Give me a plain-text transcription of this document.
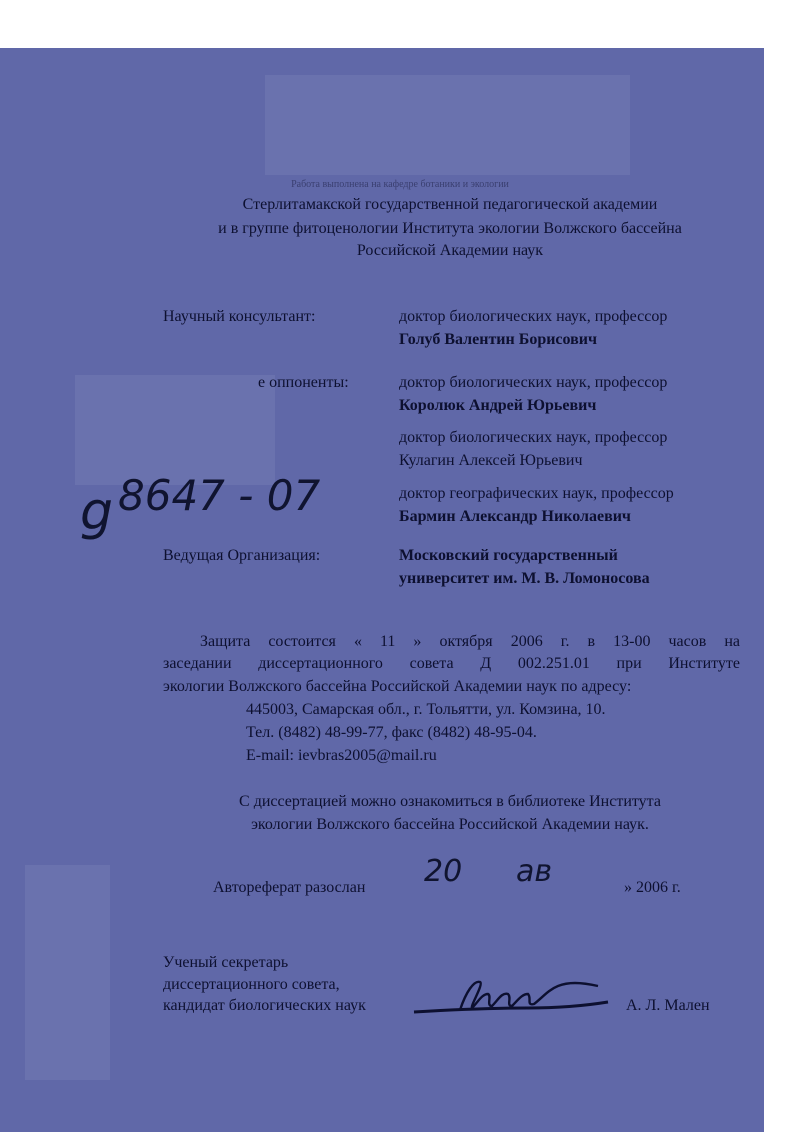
Работа выполнена на кафедре ботаники и экологии
Стерлитамакской государственной педагогической академии
и в группе фитоценологии Института экологии Волжского бассейна
Российской Академии наук
Научный консультант:	доктор биологических наук, профессор
Голуб Валентин Борисович
е оппоненты:	доктор биологических наук, профессор
Королюк Андрей Юрьевич
доктор биологических наук, профессор
Кулагин Алексей Юрьевич
доктор географических наук, профессор
Бармин Александр Николаевич
g 8647 - 07
Ведущая Организация:	Московский государственный
университет им. М. В. Ломоносова
Защита состоится « 11 » октября 2006 г. в 13-00 часов на
заседании диссертационного совета Д 002.251.01 при Институте
экологии Волжского бассейна Российской Академии наук по адресу:
445003, Самарская обл., г. Тольятти, ул. Комзина, 10.
Тел. (8482) 48-99-77, факс (8482) 48-95-04.
E-mail: ievbras2005@mail.ru
С диссертацией можно ознакомиться в библиотеке Института
экологии Волжского бассейна Российской Академии наук.
Автореферат разослан 20 ав	» 2006 г.
Ученый секретарь
диссертационного совета,
кандидат биологических наук	А. Л. Мален
